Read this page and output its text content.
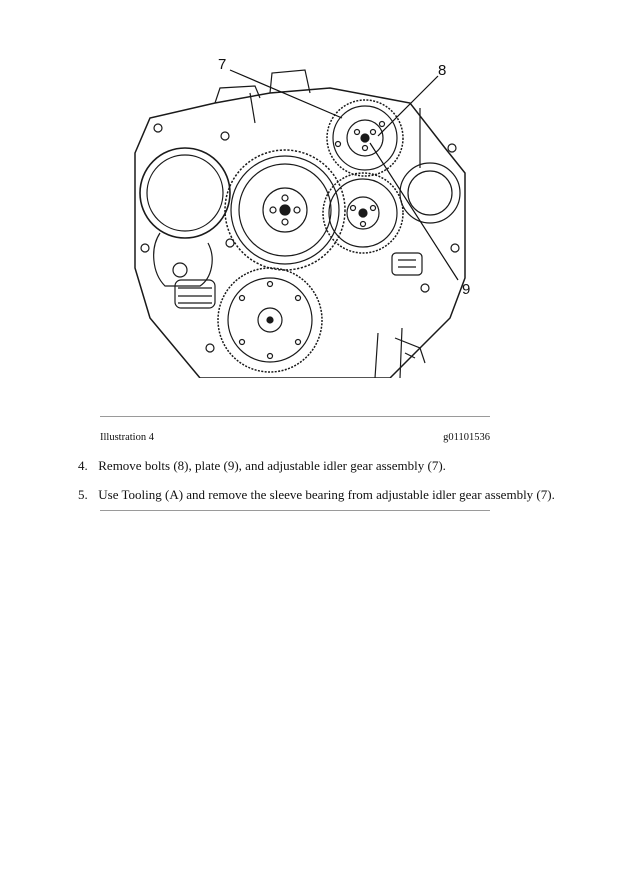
7	8
9
Illustration 4	g01101536
4. Remove bolts (8), plate (9), and adjustable idler gear assembly (7).
5. Use Tooling (A) and remove the sleeve bearing from adjustable idler gear assembly (7).
